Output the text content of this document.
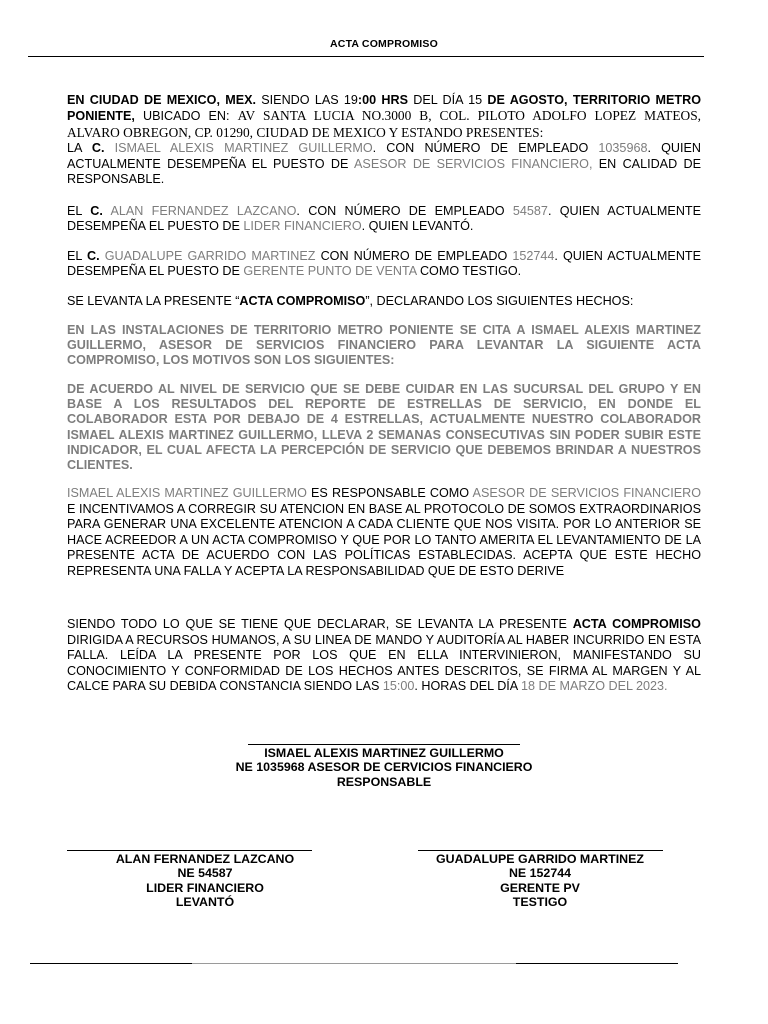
ACTA COMPROMISO
EN CIUDAD DE MEXICO, MEX. SIENDO LAS 19:00 HRS DEL DÍA 15 DE AGOSTO, TERRITORIO METRO PONIENTE, UBICADO EN: AV SANTA LUCIA NO.3000 B, COL. PILOTO ADOLFO LOPEZ MATEOS, ALVARO OBREGON, CP. 01290, CIUDAD DE MEXICO Y ESTANDO PRESENTES:
LA C. ISMAEL ALEXIS MARTINEZ GUILLERMO. CON NÚMERO DE EMPLEADO 1035968. QUIEN ACTUALMENTE DESEMPEÑA EL PUESTO DE ASESOR DE SERVICIOS FINANCIERO, EN CALIDAD DE RESPONSABLE.
EL C. ALAN FERNANDEZ LAZCANO. CON NÚMERO DE EMPLEADO 54587. QUIEN ACTUALMENTE DESEMPEÑA EL PUESTO DE LIDER FINANCIERO. QUIEN LEVANTÓ.
EL C. GUADALUPE GARRIDO MARTINEZ CON NÚMERO DE EMPLEADO 152744. QUIEN ACTUALMENTE DESEMPEÑA EL PUESTO DE GERENTE PUNTO DE VENTA COMO TESTIGO.
SE LEVANTA LA PRESENTE “ACTA COMPROMISO”, DECLARANDO LOS SIGUIENTES HECHOS:
EN LAS INSTALACIONES DE TERRITORIO METRO PONIENTE SE CITA A ISMAEL ALEXIS MARTINEZ GUILLERMO, ASESOR DE SERVICIOS FINANCIERO PARA LEVANTAR LA SIGUIENTE ACTA COMPROMISO, LOS MOTIVOS SON LOS SIGUIENTES:
DE ACUERDO AL NIVEL DE SERVICIO QUE SE DEBE CUIDAR EN LAS SUCURSAL DEL GRUPO Y EN BASE A LOS RESULTADOS DEL REPORTE DE ESTRELLAS DE SERVICIO, EN DONDE EL COLABORADOR ESTA POR DEBAJO DE 4 ESTRELLAS, ACTUALMENTE NUESTRO COLABORADOR ISMAEL ALEXIS MARTINEZ GUILLERMO, LLEVA 2 SEMANAS CONSECUTIVAS SIN PODER SUBIR ESTE INDICADOR, EL CUAL AFECTA LA PERCEPCIÓN DE SERVICIO QUE DEBEMOS BRINDAR A NUESTROS CLIENTES.
ISMAEL ALEXIS MARTINEZ GUILLERMO ES RESPONSABLE COMO ASESOR DE SERVICIOS FINANCIERO E INCENTIVAMOS A CORREGIR SU ATENCION EN BASE AL PROTOCOLO DE SOMOS EXTRAORDINARIOS PARA GENERAR UNA EXCELENTE ATENCION A CADA CLIENTE QUE NOS VISITA. POR LO ANTERIOR SE HACE ACREEDOR A UN ACTA COMPROMISO Y QUE POR LO TANTO AMERITA EL LEVANTAMIENTO DE LA PRESENTE ACTA DE ACUERDO CON LAS POLÍTICAS ESTABLECIDAS. ACEPTA QUE ESTE HECHO REPRESENTA UNA FALLA Y ACEPTA LA RESPONSABILIDAD QUE DE ESTO DERIVE
SIENDO TODO LO QUE SE TIENE QUE DECLARAR, SE LEVANTA LA PRESENTE ACTA COMPROMISO DIRIGIDA A RECURSOS HUMANOS, A SU LINEA DE MANDO Y AUDITORÍA AL HABER INCURRIDO EN ESTA FALLA. LEÍDA LA PRESENTE POR LOS QUE EN ELLA INTERVINIERON, MANIFESTANDO SU CONOCIMIENTO Y CONFORMIDAD DE LOS HECHOS ANTES DESCRITOS, SE FIRMA AL MARGEN Y AL CALCE PARA SU DEBIDA CONSTANCIA SIENDO LAS 15:00. HORAS DEL DÍA 18 DE MARZO DEL 2023.
ISMAEL ALEXIS MARTINEZ GUILLERMO
NE 1035968 ASESOR DE CERVICIOS FINANCIERO
RESPONSABLE
ALAN FERNANDEZ LAZCANO
NE 54587
LIDER FINANCIERO
LEVANTÓ
GUADALUPE GARRIDO MARTINEZ
NE 152744
GERENTE PV
TESTIGO
